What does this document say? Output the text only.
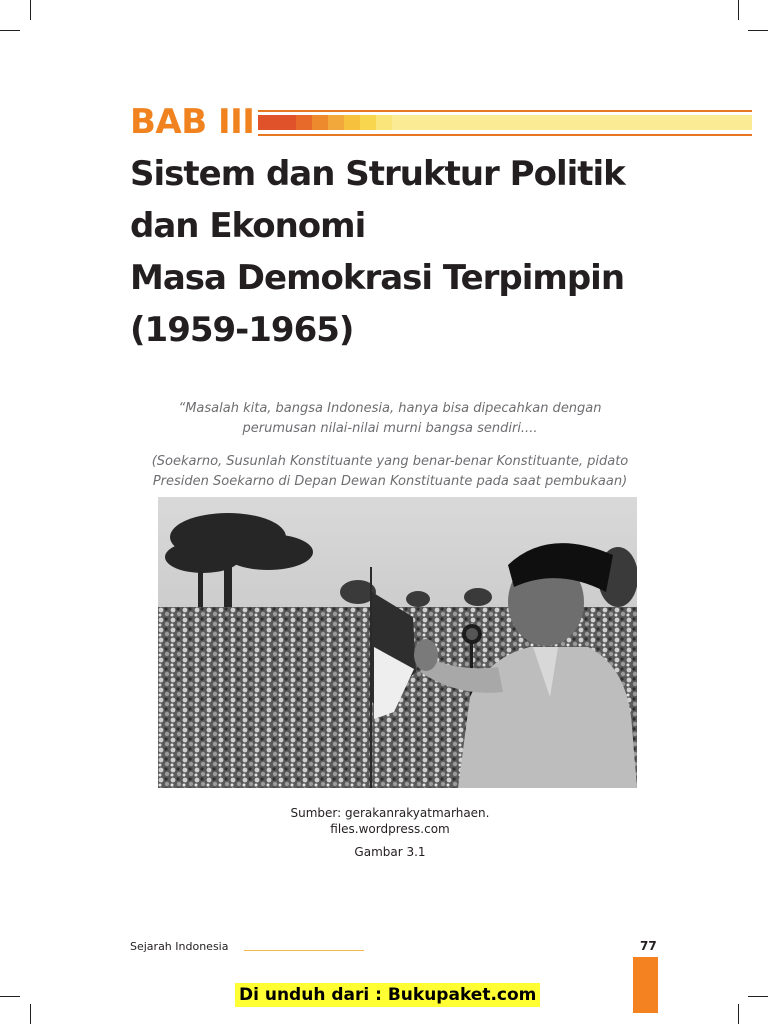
BAB III
Sistem dan Struktur Politik
dan Ekonomi
Masa Demokrasi Terpimpin
(1959-1965)
“Masalah kita, bangsa Indonesia, hanya bisa dipecahkan dengan
perumusan nilai-nilai murni bangsa sendiri....
(Soekarno, Susunlah Konstituante yang benar-benar Konstituante, pidato
Presiden Soekarno di Depan Dewan Konstituante pada saat pembukaan)
Sumber: gerakanrakyatmarhaen.
files.wordpress.com
Gambar 3.1
Sejarah Indonesia	77
Di unduh dari : Bukupaket.com
